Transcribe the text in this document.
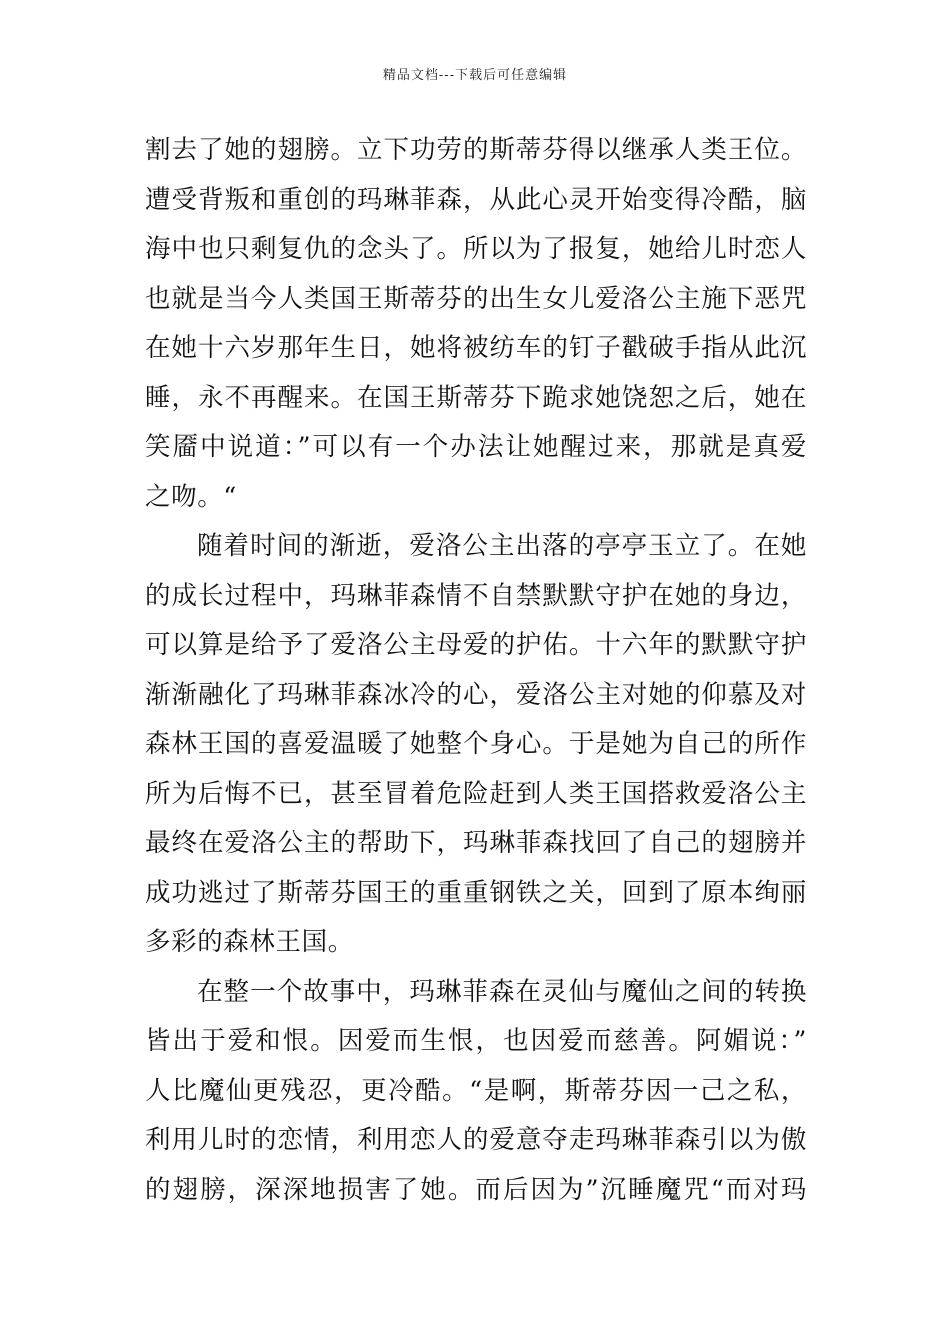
精品文档---下载后可任意编辑
割去了她的翅膀。立下功劳的斯蒂芬得以继承人类王位。
遭受背叛和重创的玛琳菲森，从此心灵开始变得冷酷，脑
海中也只剩复仇的念头了。所以为了报复，她给儿时恋人
也就是当今人类国王斯蒂芬的出生女儿爱洛公主施下恶咒
在她十六岁那年生日，她将被纺车的钉子戳破手指从此沉
睡，永不再醒来。在国王斯蒂芬下跪求她饶恕之后，她在
笑靥中说道：”可以有一个办法让她醒过来，那就是真爱
之吻。“
随着时间的渐逝，爱洛公主出落的亭亭玉立了。在她
的成长过程中，玛琳菲森情不自禁默默守护在她的身边，
可以算是给予了爱洛公主母爱的护佑。十六年的默默守护
渐渐融化了玛琳菲森冰冷的心，爱洛公主对她的仰慕及对
森林王国的喜爱温暖了她整个身心。于是她为自己的所作
所为后悔不已，甚至冒着危险赶到人类王国搭救爱洛公主
最终在爱洛公主的帮助下，玛琳菲森找回了自己的翅膀并
成功逃过了斯蒂芬国王的重重钢铁之关，回到了原本绚丽
多彩的森林王国。
在整一个故事中，玛琳菲森在灵仙与魔仙之间的转换
皆出于爱和恨。因爱而生恨，也因爱而慈善。阿媚说：”
人比魔仙更残忍，更冷酷。“是啊，斯蒂芬因一己之私，
利用儿时的恋情，利用恋人的爱意夺走玛琳菲森引以为傲
的翅膀，深深地损害了她。而后因为”沉睡魔咒“而对玛
